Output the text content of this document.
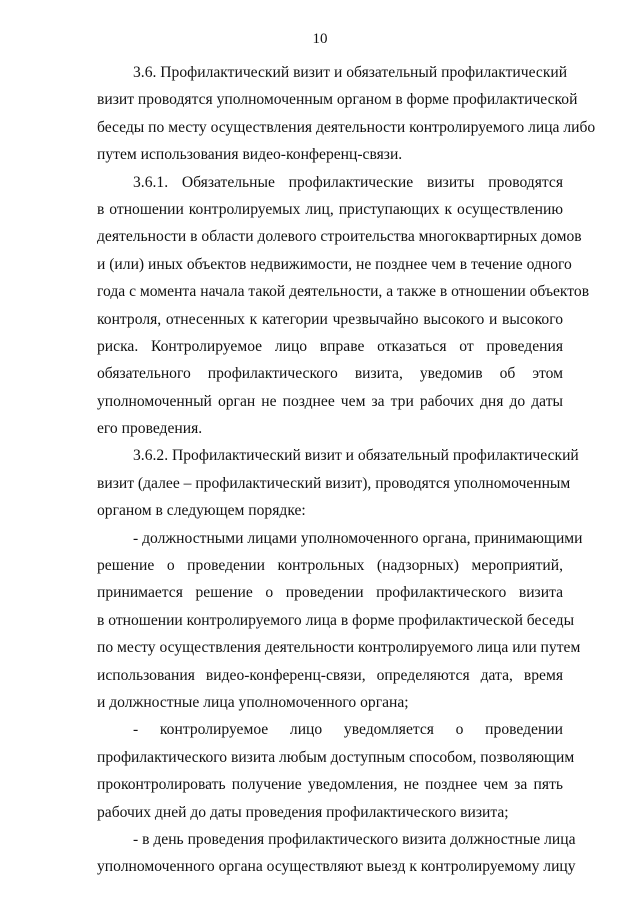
10
3.6. Профилактический визит и обязательный профилактический
визит проводятся уполномоченным органом в форме профилактической
беседы по месту осуществления деятельности контролируемого лица либо
путем использования видео-конференц-связи.
3.6.1. Обязательные профилактические визиты проводятся
в отношении контролируемых лиц, приступающих к осуществлению
деятельности в области долевого строительства многоквартирных домов
и (или) иных объектов недвижимости, не позднее чем в течение одного
года с момента начала такой деятельности, а также в отношении объектов
контроля, отнесенных к категории чрезвычайно высокого и высокого
риска. Контролируемое лицо вправе отказаться от проведения
обязательного профилактического визита, уведомив об этом
уполномоченный орган не позднее чем за три рабочих дня до даты
его проведения.
3.6.2. Профилактический визит и обязательный профилактический
визит (далее – профилактический визит), проводятся уполномоченным
органом в следующем порядке:
- должностными лицами уполномоченного органа, принимающими
решение о проведении контрольных (надзорных) мероприятий,
принимается решение о проведении профилактического визита
в отношении контролируемого лица в форме профилактической беседы
по месту осуществления деятельности контролируемого лица или путем
использования видео-конференц-связи, определяются дата, время
и должностные лица уполномоченного органа;
- контролируемое лицо уведомляется о проведении
профилактического визита любым доступным способом, позволяющим
проконтролировать получение уведомления, не позднее чем за пять
рабочих дней до даты проведения профилактического визита;
- в день проведения профилактического визита должностные лица
уполномоченного органа осуществляют выезд к контролируемому лицу
